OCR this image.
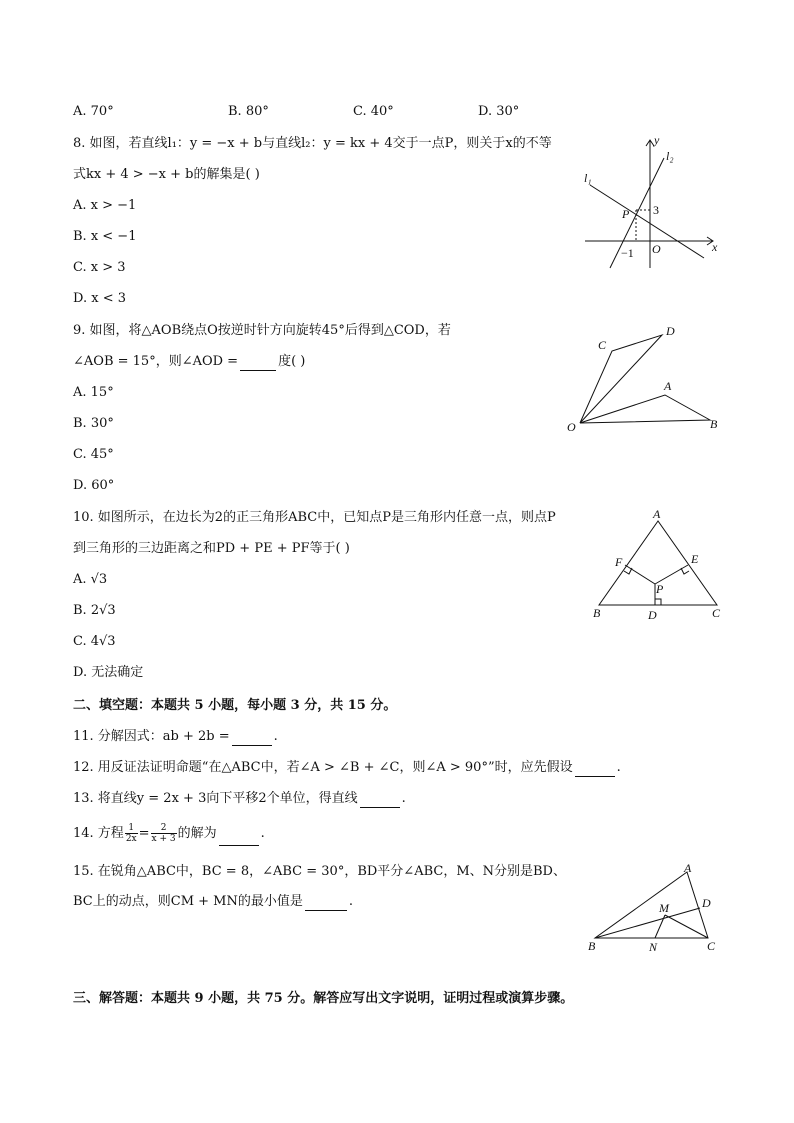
A. 70°	B. 80°	C. 40°	D. 30°
8. 如图，若直线l₁：y = −x + b与直线l₂：y = kx + 4交于一点P，则关于x的不等
式kx + 4 > −x + b的解集是( )
A. x > −1
B. x < −1
C. x > 3
D. x < 3
l₂
l₁
y
x
P 3
−1 O
9. 如图，将△AOB绕点O按逆时针方向旋转45°后得到△COD，若
∠AOB = 15°，则∠AOD =	度( )
A. 15°
B. 30°
C. 45°
D. 60°
C
D
A
O	B
10. 如图所示，在边长为2的正三角形ABC中，已知点P是三角形内任意一点，则点P
到三角形的三边距离之和PD + PE + PF等于( )
A. √3
B. 2√3
C. 4√3
D. 无法确定
A
F	E
P
B	D	C
二、填空题：本题共 5 小题，每小题 3 分，共 15 分。
11. 分解因式：ab + 2b =	.
12. 用反证法证明命题“在△ABC中，若∠A > ∠B + ∠C，则∠A > 90°”时，应先假设	.
13. 将直线y = 2x + 3向下平移2个单位，得直线	.
14. 方程 $\frac{1}{2x} = \frac{2}{x + 3}$ 的解为	.
15. 在锐角△ABC中，BC = 8，∠ABC = 30°，BD平分∠ABC，M、N分别是BD、
BC上的动点，则CM + MN的最小值是	.
A
M	D
B	N	C
三、解答题：本题共 9 小题，共 75 分。解答应写出文字说明，证明过程或演算步骤。
